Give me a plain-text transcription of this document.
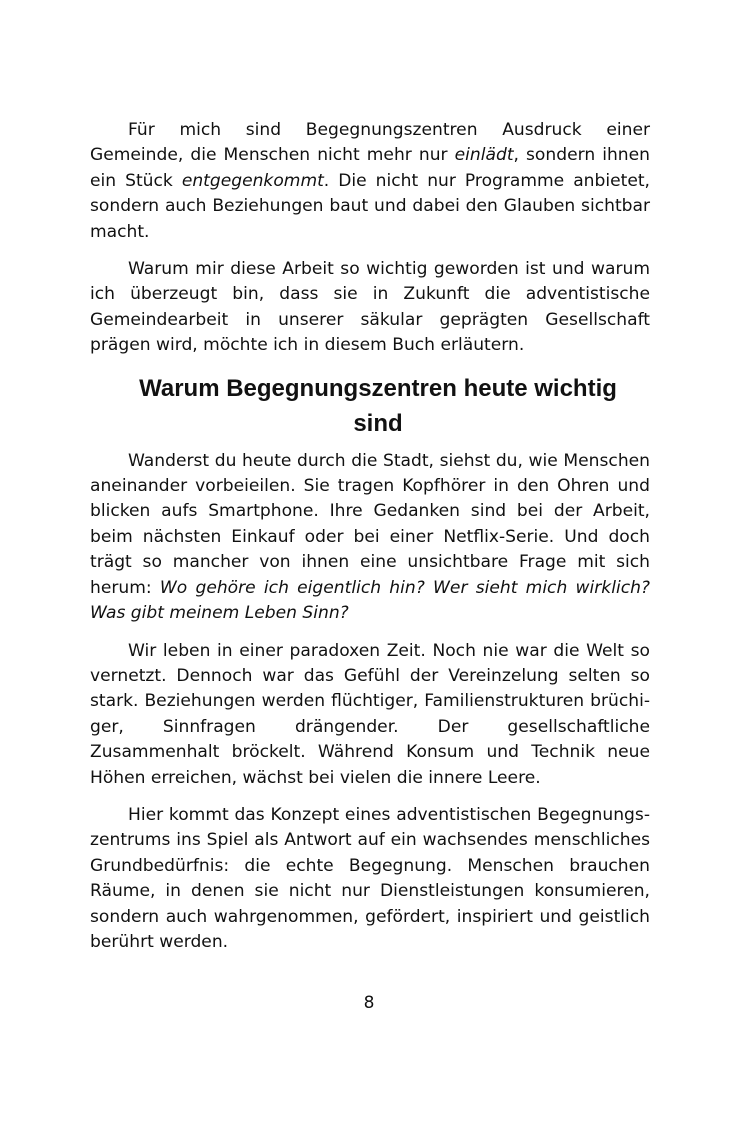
Für mich sind Begegnungszentren Ausdruck einer Gemeinde, die Menschen nicht mehr nur einlädt, sondern ihnen ein Stück entgegenkommt. Die nicht nur Programme anbietet, sondern auch Beziehungen baut und dabei den Glauben sichtbar macht.

Warum mir diese Arbeit so wichtig geworden ist und warum ich überzeugt bin, dass sie in Zukunft die adventistische Gemeindearbeit in unserer säkular geprägten Gesellschaft prägen wird, möchte ich in diesem Buch erläutern.

Warum Begegnungszentren heute wichtig
sind

Wanderst du heute durch die Stadt, siehst du, wie Menschen aneinander vorbeieilen. Sie tragen Kopfhörer in den Ohren und blicken aufs Smartphone. Ihre Gedanken sind bei der Arbeit, beim nächsten Einkauf oder bei einer Netflix-Serie. Und doch trägt so mancher von ihnen eine unsichtbare Frage mit sich herum: Wo gehöre ich eigentlich hin? Wer sieht mich wirklich? Was gibt meinem Leben Sinn?

Wir leben in einer paradoxen Zeit. Noch nie war die Welt so vernetzt. Dennoch war das Gefühl der Vereinzelung selten so stark. Beziehungen werden flüchtiger, Familienstrukturen brüchiger, Sinnfragen drängender. Der gesellschaftliche Zusammenhalt bröckelt. Während Konsum und Technik neue Höhen erreichen, wächst bei vielen die innere Leere.

Hier kommt das Konzept eines adventistischen Begegnungszentrums ins Spiel als Antwort auf ein wachsendes menschliches Grundbedürfnis: die echte Begegnung. Menschen brauchen Räume, in denen sie nicht nur Dienstleistungen konsumieren, sondern auch wahrgenommen, gefördert, inspiriert und geistlich berührt werden.

8
